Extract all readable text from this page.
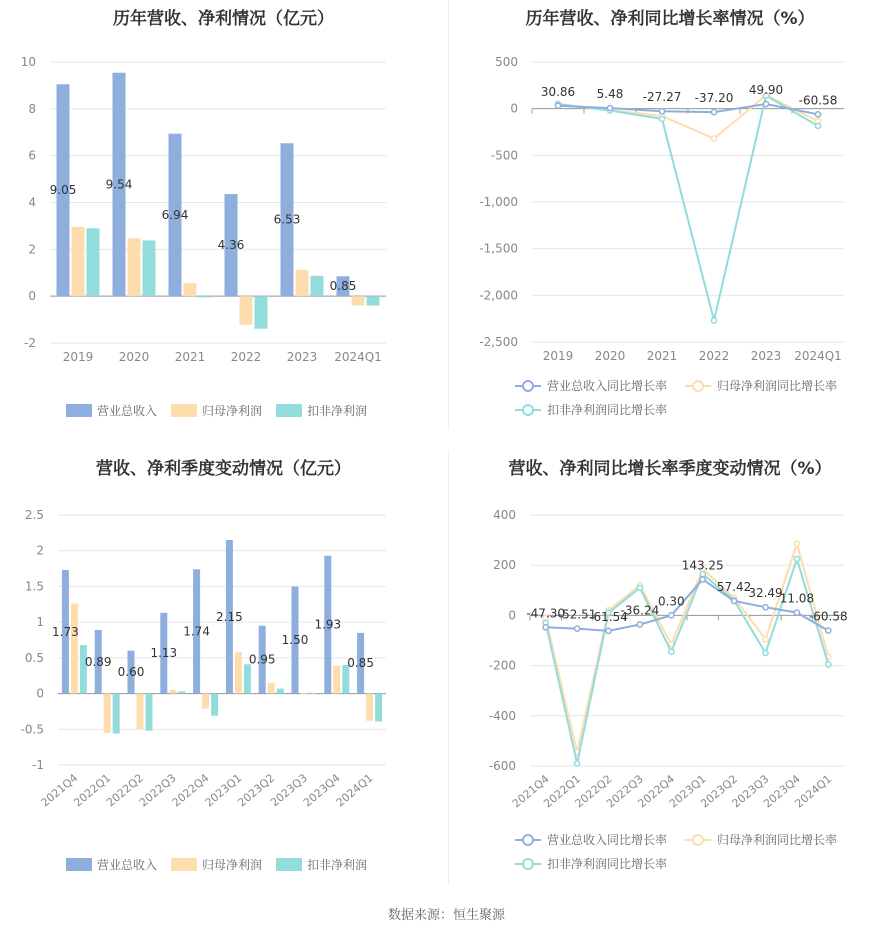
历年营收、净利情况（亿元）
-2
0
2
4
6
8
10
9.05
2019
9.54
2020
6.94
2021
4.36
2022
6.53
2023
0.85
2024Q1
营业总收入	归母净利润	扣非净利润
历年营收、净利同比增长率情况（%）
-2,500
-2,000
-1,500
-1,000
-500
0
500
2019 2020 2021 2022 2023 2024Q1
30.86 5.48 -27.27 -37.20
49.90
-60.58
营业总收入同比增长率	归母净利润同比增长率
扣非净利润同比增长率
营收、净利季度变动情况（亿元）
-1
-0.5
0
0.5
1
1.5
2
2.5
1.73
2021Q4
0.89
2022Q1
0.60
2022Q2
1.13
2022Q3
1.74
2022Q4
2.15
2023Q1
0.95
2023Q2
1.50
2023Q3
1.93
2023Q4
0.85
2024Q1
营业总收入	归母净利润	扣非净利润
营收、净利同比增长率季度变动情况（%）
-600
-400
-200
0
200
400
2021Q4
2022Q1
2022Q2
2022Q3
2022Q4
2023Q1
2023Q2
2023Q3
2023Q4
2024Q1
-47.30
-52.51
-61.54
-36.24
0.30
143.25
57.42
32.49
11.08
-60.58
营业总收入同比增长率	归母净利润同比增长率
扣非净利润同比增长率
数据来源：恒生聚源
